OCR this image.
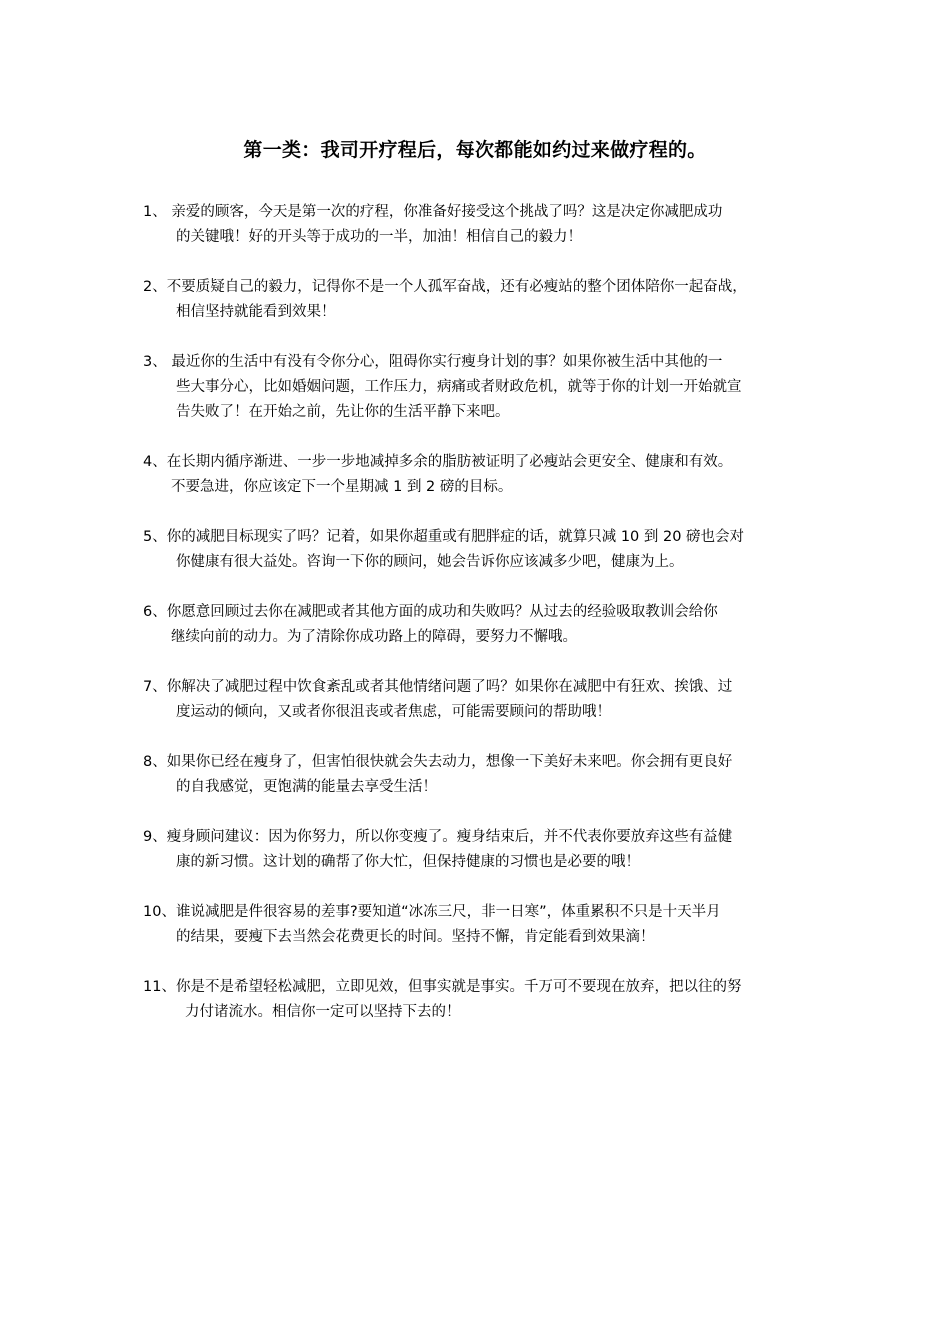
第一类：我司开疗程后，每次都能如约过来做疗程的。
1、 亲爱的顾客，今天是第一次的疗程，你准备好接受这个挑战了吗？这是决定你减肥成功
的关键哦！好的开头等于成功的一半，加油！相信自己的毅力！
2、不要质疑自己的毅力，记得你不是一个人孤军奋战，还有必瘦站的整个团体陪你一起奋战，
相信坚持就能看到效果！
3、 最近你的生活中有没有令你分心，阻碍你实行瘦身计划的事？如果你被生活中其他的一
些大事分心，比如婚姻问题，工作压力，病痛或者财政危机，就等于你的计划一开始就宣
告失败了！在开始之前，先让你的生活平静下来吧。
4、在长期内循序渐进、一步一步地减掉多余的脂肪被证明了必瘦站会更安全、健康和有效。
不要急进，你应该定下一个星期减 1 到 2 磅的目标。
5、你的减肥目标现实了吗？记着，如果你超重或有肥胖症的话，就算只减 10 到 20 磅也会对
你健康有很大益处。咨询一下你的顾问，她会告诉你应该减多少吧，健康为上。
6、你愿意回顾过去你在减肥或者其他方面的成功和失败吗？从过去的经验吸取教训会给你
继续向前的动力。为了清除你成功路上的障碍，要努力不懈哦。
7、你解决了减肥过程中饮食紊乱或者其他情绪问题了吗？如果你在减肥中有狂欢、挨饿、过
度运动的倾向，又或者你很沮丧或者焦虑，可能需要顾问的帮助哦！
8、如果你已经在瘦身了，但害怕很快就会失去动力，想像一下美好未来吧。你会拥有更良好
的自我感觉，更饱满的能量去享受生活！
9、瘦身顾问建议：因为你努力，所以你变瘦了。瘦身结束后，并不代表你要放弃这些有益健
康的新习惯。这计划的确帮了你大忙，但保持健康的习惯也是必要的哦！
10、谁说减肥是件很容易的差事?要知道“冰冻三尺，非一日寒”，体重累积不只是十天半月
的结果，要瘦下去当然会花费更长的时间。坚持不懈，肯定能看到效果滴！
11、你是不是希望轻松减肥，立即见效，但事实就是事实。千万可不要现在放弃，把以往的努
力付诸流水。相信你一定可以坚持下去的！
